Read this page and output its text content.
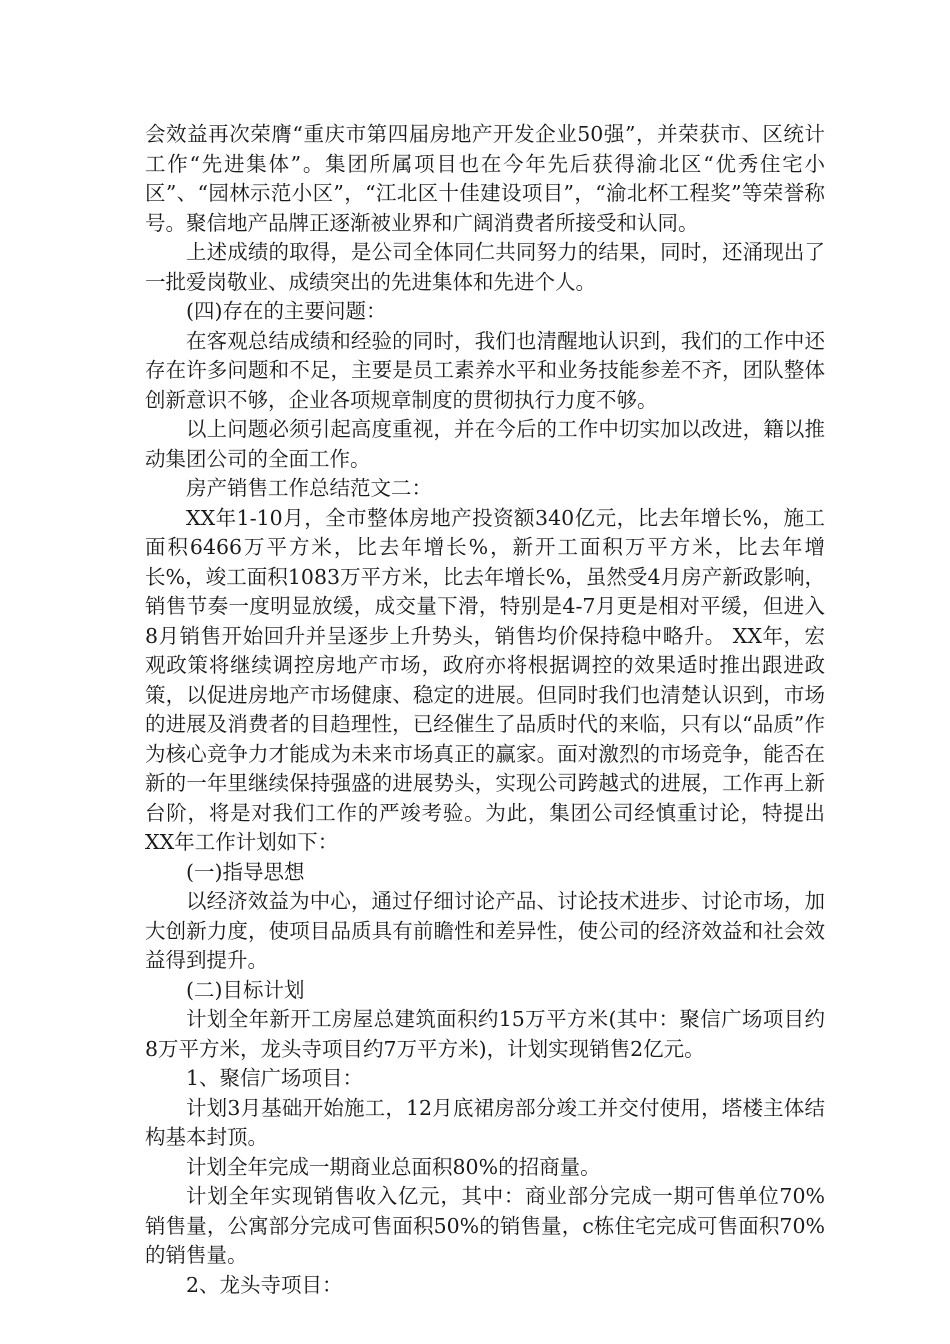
会效益再次荣膺“重庆市第四届房地产开发企业50强”，并荣获市、区统计工作“先进集体”。集团所属项目也在今年先后获得渝北区“优秀住宅小区”、“园林示范小区”，“江北区十佳建设项目”，“渝北杯工程奖”等荣誉称号。聚信地产品牌正逐渐被业界和广阔消费者所接受和认同。

上述成绩的取得，是公司全体同仁共同努力的结果，同时，还涌现出了一批爱岗敬业、成绩突出的先进集体和先进个人。

(四)存在的主要问题：

在客观总结成绩和经验的同时，我们也清醒地认识到，我们的工作中还存在许多问题和不足，主要是员工素养水平和业务技能参差不齐，团队整体创新意识不够，企业各项规章制度的贯彻执行力度不够。

以上问题必须引起高度重视，并在今后的工作中切实加以改进，籍以推动集团公司的全面工作。

房产销售工作总结范文二：

XX年1-10月，全市整体房地产投资额340亿元，比去年增长%，施工面积6466万平方米，比去年增长%，新开工面积万平方米，比去年增长%，竣工面积1083万平方米，比去年增长%，虽然受4月房产新政影响，销售节奏一度明显放缓，成交量下滑，特别是4-7月更是相对平缓，但进入8月销售开始回升并呈逐步上升势头，销售均价保持稳中略升。 XX年，宏观政策将继续调控房地产市场，政府亦将根据调控的效果适时推出跟进政策，以促进房地产市场健康、稳定的进展。但同时我们也清楚认识到，市场的进展及消费者的目趋理性，已经催生了品质时代的来临，只有以“品质”作为核心竞争力才能成为未来市场真正的赢家。面对激烈的市场竞争，能否在新的一年里继续保持强盛的进展势头，实现公司跨越式的进展，工作再上新台阶，将是对我们工作的严竣考验。为此，集团公司经慎重讨论，特提出XX年工作计划如下：

(一)指导思想

以经济效益为中心，通过仔细讨论产品、讨论技术进步、讨论市场，加大创新力度，使项目品质具有前瞻性和差异性，使公司的经济效益和社会效益得到提升。

(二)目标计划

计划全年新开工房屋总建筑面积约15万平方米(其中：聚信广场项目约8万平方米，龙头寺项目约7万平方米)，计划实现销售2亿元。

1、聚信广场项目：

计划3月基础开始施工，12月底裙房部分竣工并交付使用，塔楼主体结构基本封顶。

计划全年完成一期商业总面积80%的招商量。

计划全年实现销售收入亿元，其中：商业部分完成一期可售单位70%销售量，公寓部分完成可售面积50%的销售量，c栋住宅完成可售面积70%的销售量。

2、龙头寺项目：
